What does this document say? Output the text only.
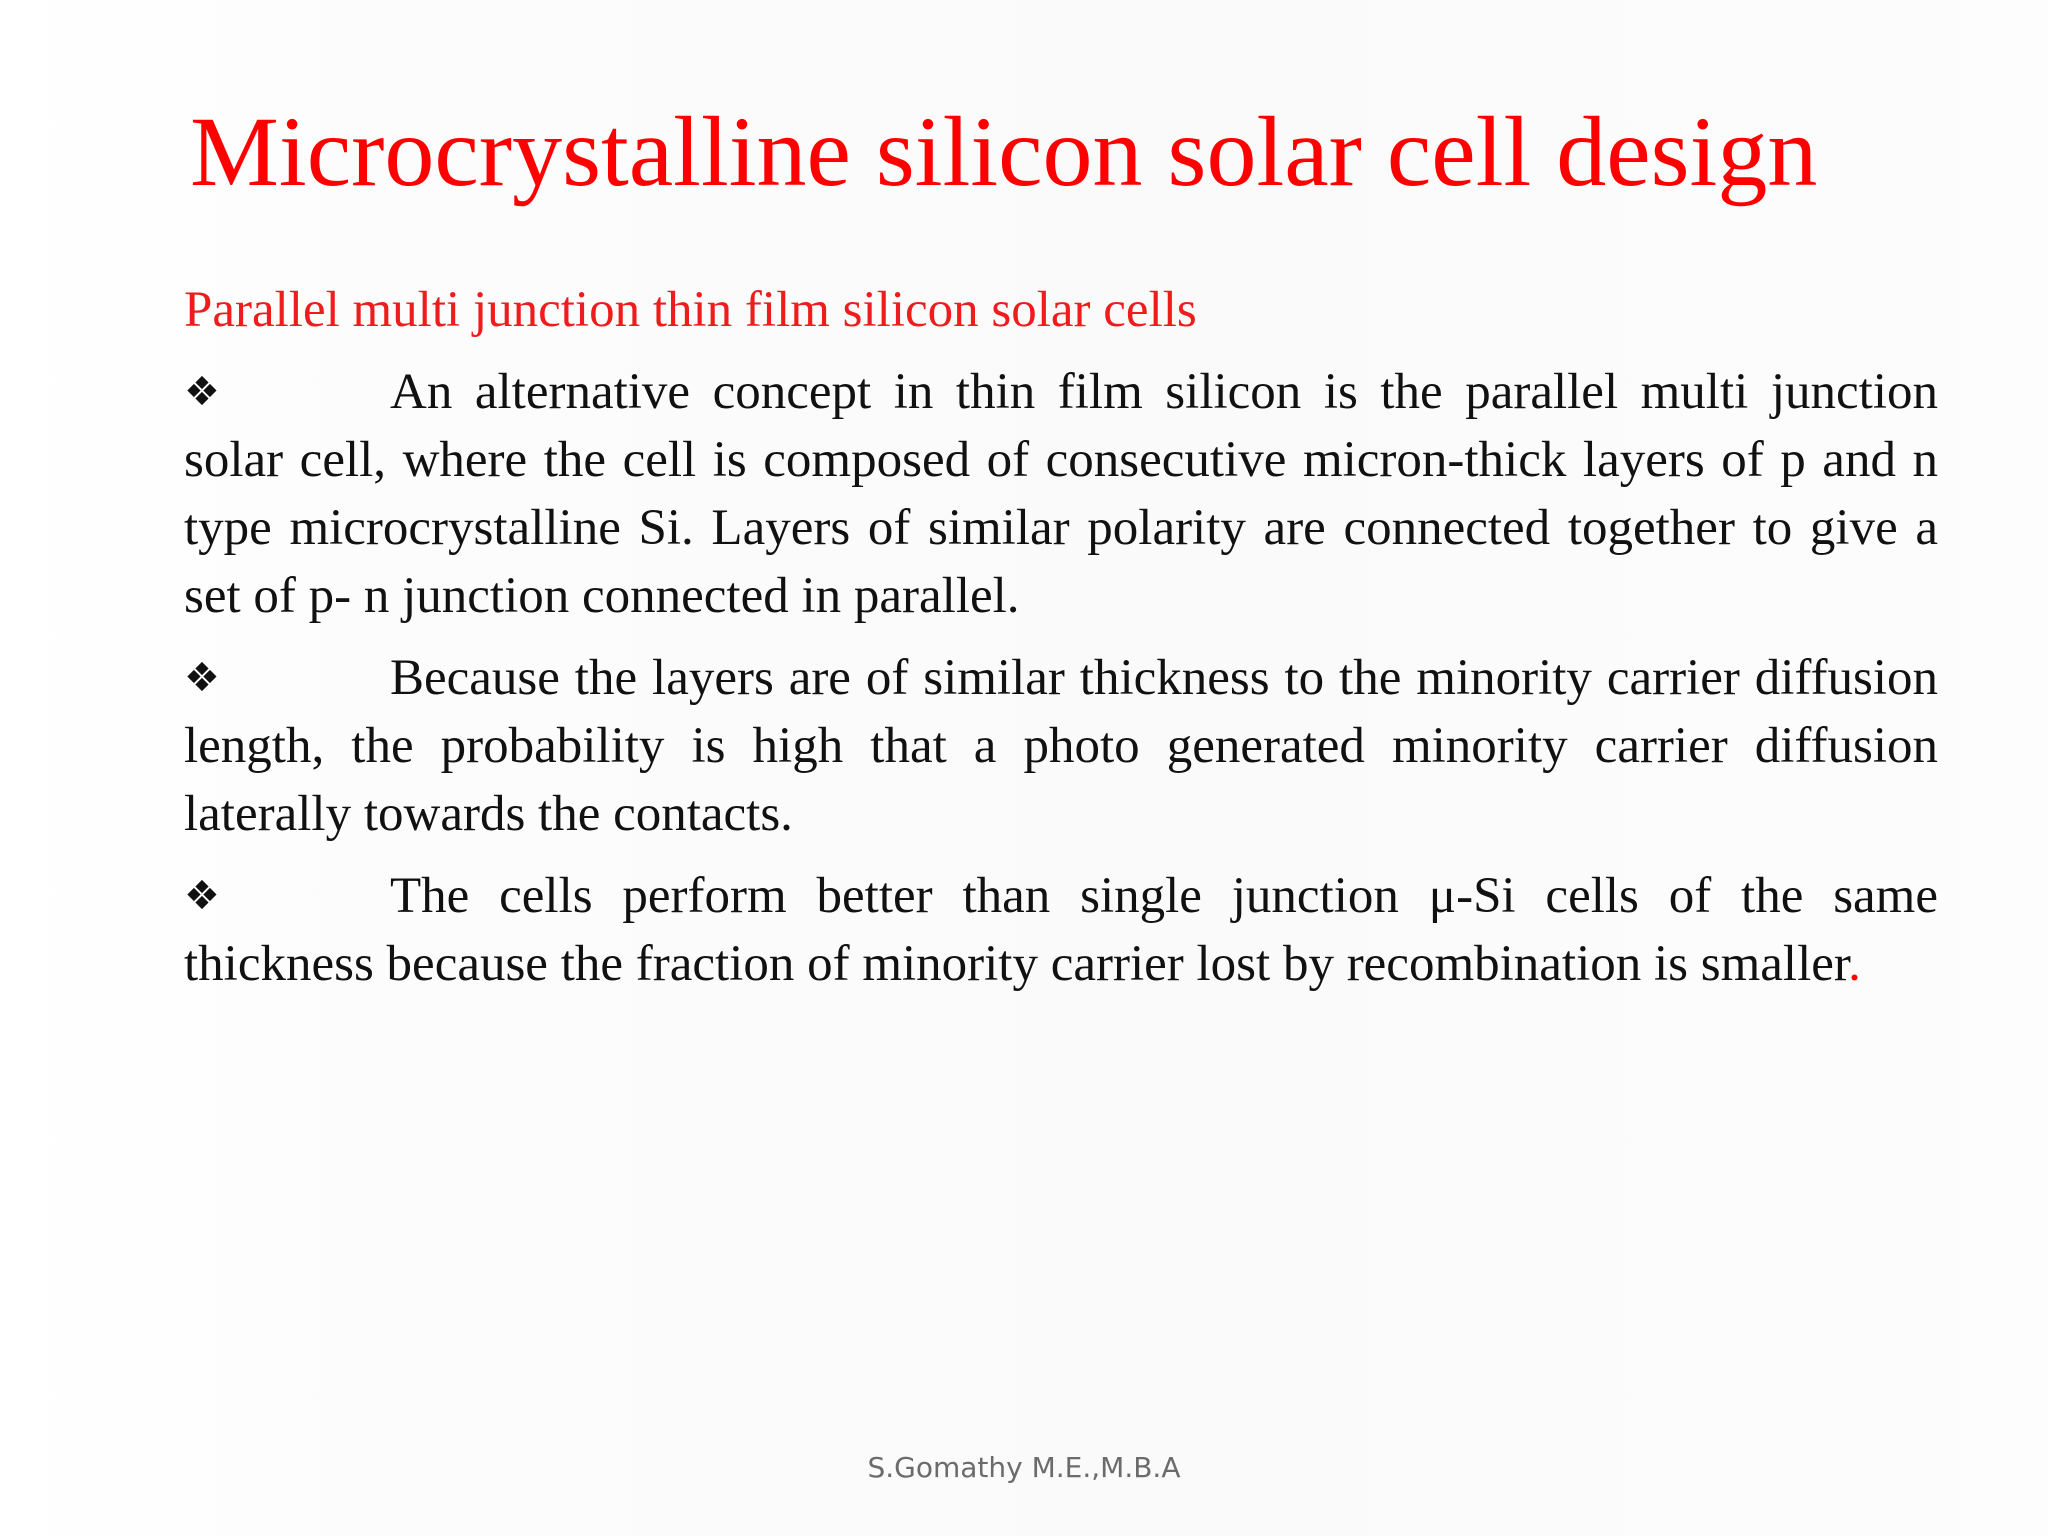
Microcrystalline silicon solar cell design

Parallel multi junction thin film silicon solar cells

❖	An alternative concept in thin film silicon is the parallel multi junction solar cell, where the cell is composed of consecutive micron-thick layers of p and n type microcrystalline Si. Layers of similar polarity are connected together to give a set of p- n junction connected in parallel.

❖	Because the layers are of similar thickness to the minority carrier diffusion length, the probability is high that a photo generated minority carrier diffusion laterally towards the contacts.

❖	The cells perform better than single junction μ-Si cells of the same thickness because the fraction of minority carrier lost by recombination is smaller.

S.Gomathy M.E.,M.B.A
